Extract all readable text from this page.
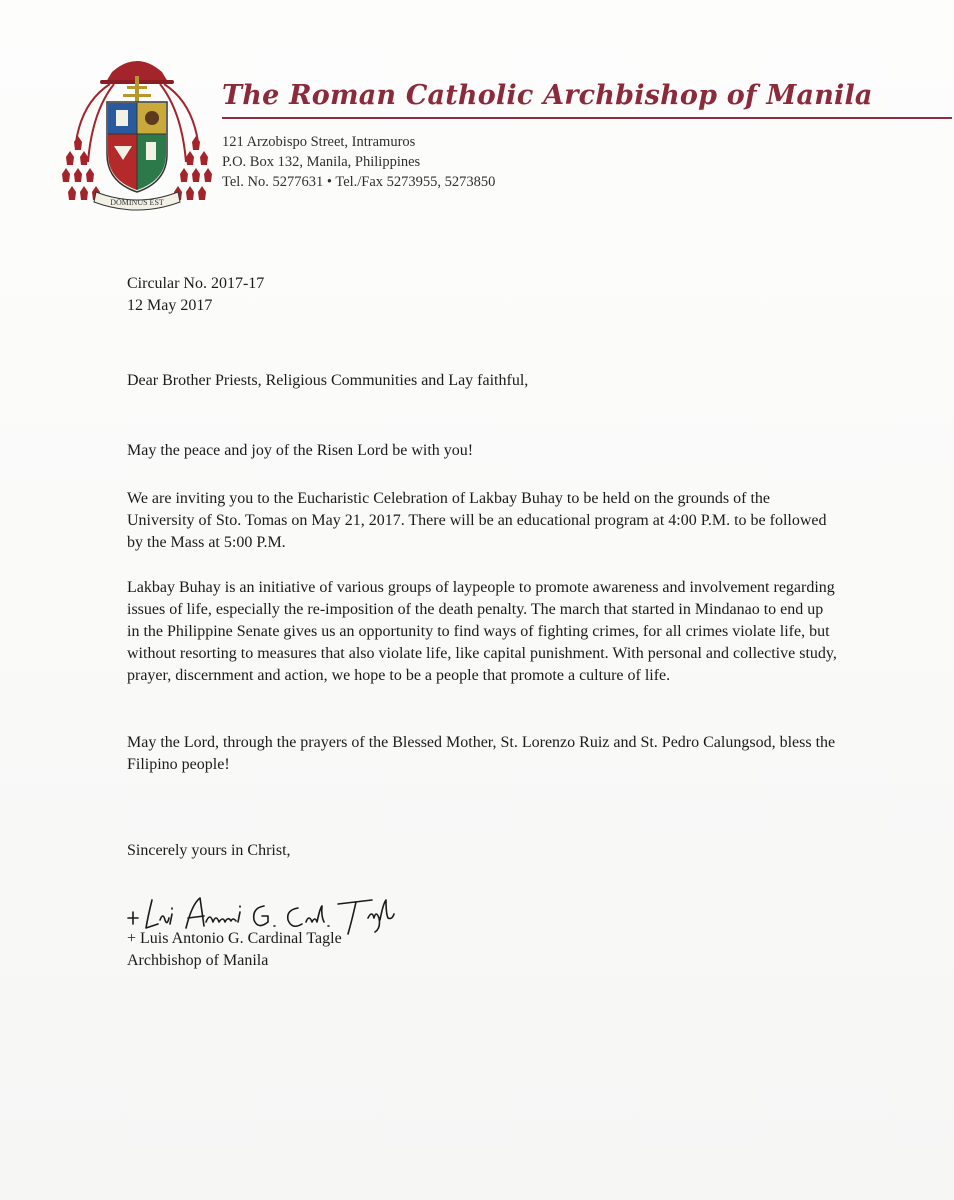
DOMINUS EST
The Roman Catholic Archbishop of Manila
121 Arzobispo Street, Intramuros
P.O. Box 132, Manila, Philippines
Tel. No. 5277631 • Tel./Fax 5273955, 5273850

Circular No. 2017-17

12 May 2017

Dear Brother Priests, Religious Communities and Lay faithful,

May the peace and joy of the Risen Lord be with you!

We are inviting you to the Eucharistic Celebration of Lakbay Buhay to be held on the grounds of the University of Sto. Tomas on May 21, 2017. There will be an educational program at 4:00 P.M. to be followed by the Mass at 5:00 P.M.

Lakbay Buhay is an initiative of various groups of laypeople to promote awareness and involvement regarding issues of life, especially the re-imposition of the death penalty. The march that started in Mindanao to end up in the Philippine Senate gives us an opportunity to find ways of fighting crimes, for all crimes violate life, but without resorting to measures that also violate life, like capital punishment. With personal and collective study, prayer, discernment and action, we hope to be a people that promote a culture of life.

May the Lord, through the prayers of the Blessed Mother, St. Lorenzo Ruiz and St. Pedro Calungsod, bless the Filipino people!

Sincerely yours in Christ,

+ Luis Antonio G. Cardinal Tagle

Archbishop of Manila
